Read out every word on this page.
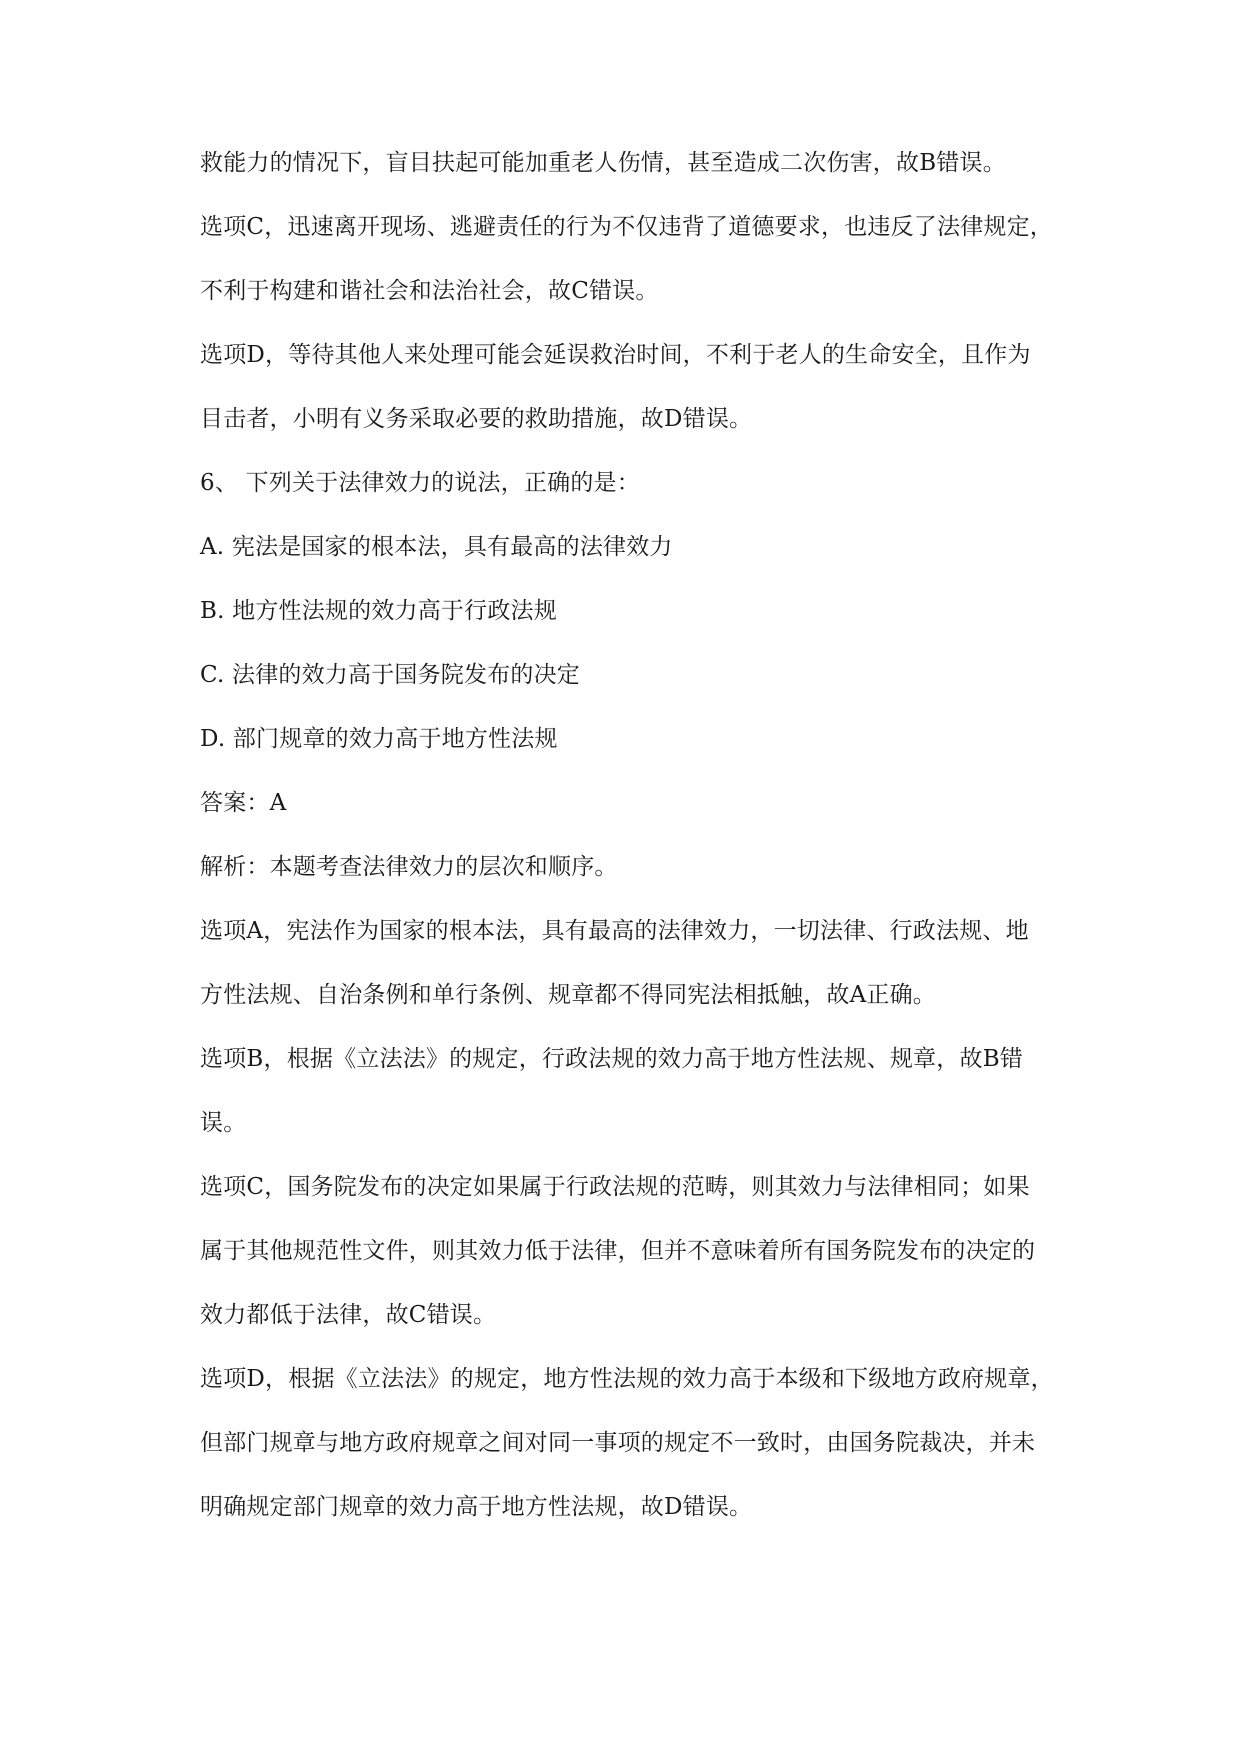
救能力的情况下，盲目扶起可能加重老人伤情，甚至造成二次伤害，故B错误。

选项C，迅速离开现场、逃避责任的行为不仅违背了道德要求，也违反了法律规定，

不利于构建和谐社会和法治社会，故C错误。

选项D，等待其他人来处理可能会延误救治时间，不利于老人的生命安全，且作为

目击者，小明有义务采取必要的救助措施，故D错误。

6、 下列关于法律效力的说法，正确的是：

A. 宪法是国家的根本法，具有最高的法律效力

B. 地方性法规的效力高于行政法规

C. 法律的效力高于国务院发布的决定

D. 部门规章的效力高于地方性法规

答案：A

解析：本题考查法律效力的层次和顺序。

选项A，宪法作为国家的根本法，具有最高的法律效力，一切法律、行政法规、地

方性法规、自治条例和单行条例、规章都不得同宪法相抵触，故A正确。

选项B，根据《立法法》的规定，行政法规的效力高于地方性法规、规章，故B错

误。

选项C，国务院发布的决定如果属于行政法规的范畴，则其效力与法律相同；如果

属于其他规范性文件，则其效力低于法律，但并不意味着所有国务院发布的决定的

效力都低于法律，故C错误。

选项D，根据《立法法》的规定，地方性法规的效力高于本级和下级地方政府规章，

但部门规章与地方政府规章之间对同一事项的规定不一致时，由国务院裁决，并未

明确规定部门规章的效力高于地方性法规，故D错误。
